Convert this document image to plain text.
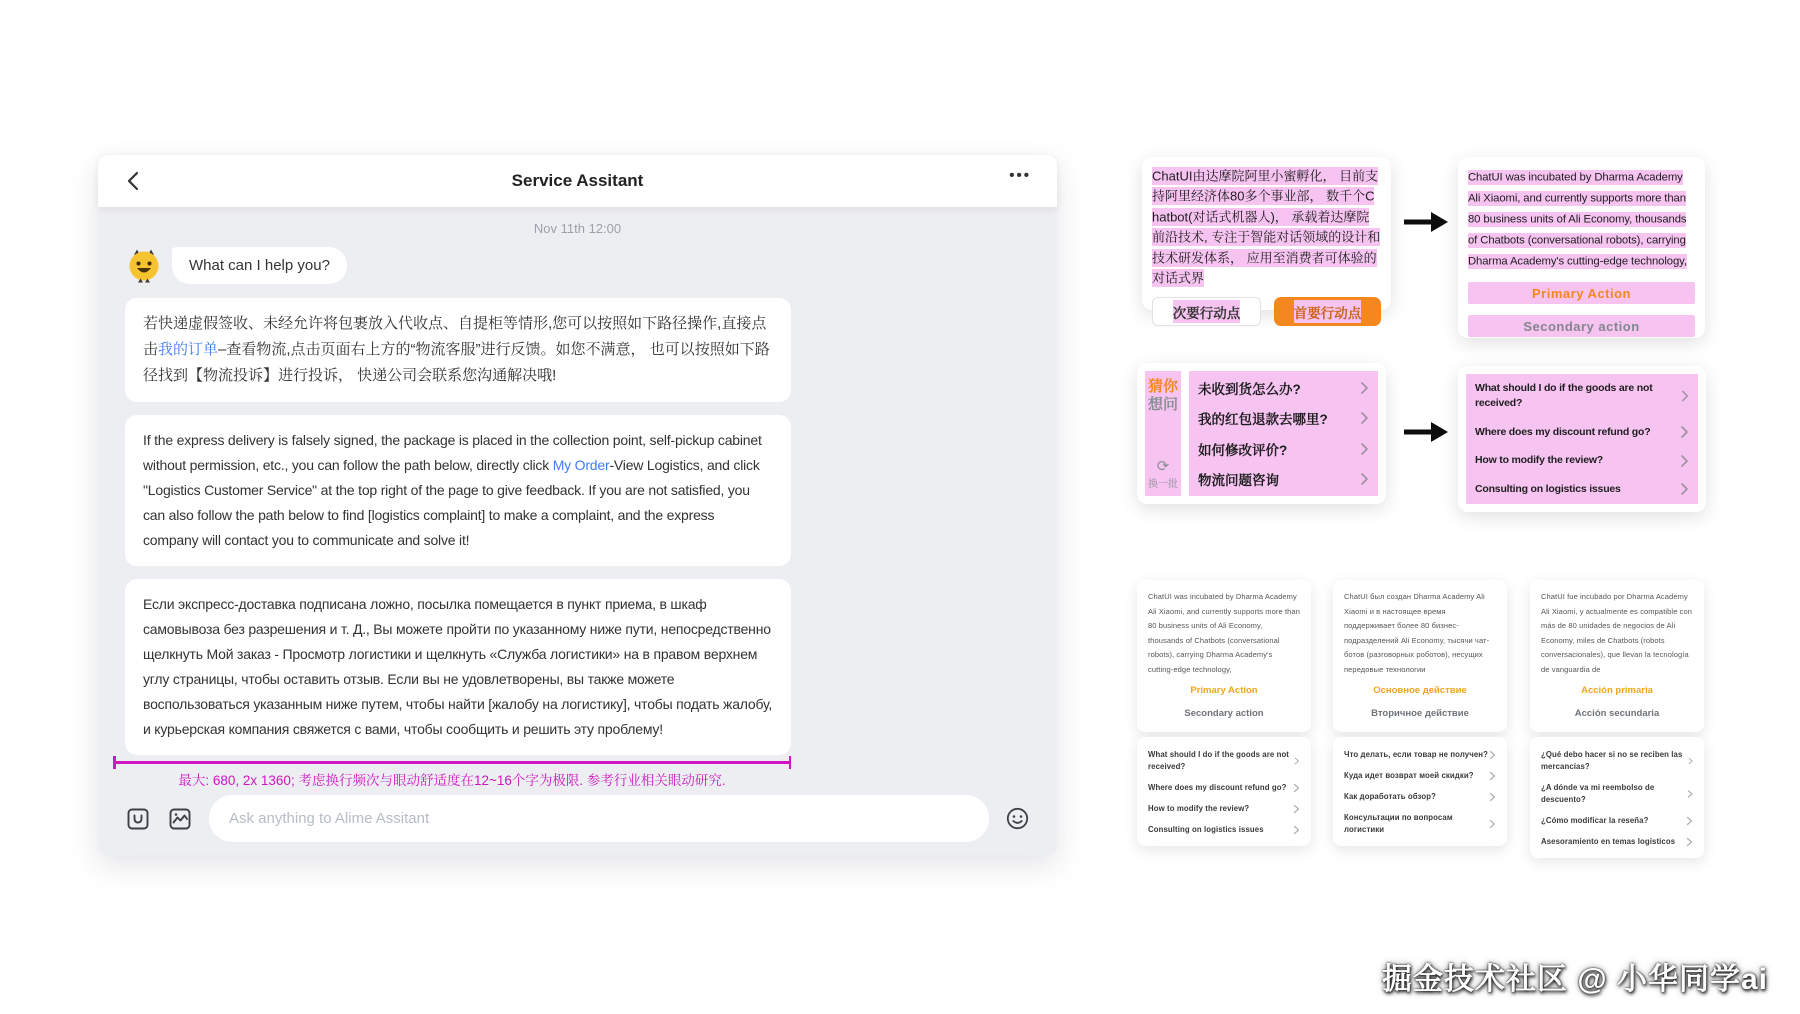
Service Assitant	•••
Nov 11th 12:00
What can I help you?
若快递虚假签收、未经允许将包裹放入代收点、自提柜等情形,您可以按照如下路径操作,直接点击我的订单–查看物流,点击页面右上方的“物流客服”进行反馈。如您不满意， 也可以按照如下路径找到【物流投诉】进行投诉， 快递公司会联系您沟通解决哦!
If the express delivery is falsely signed, the package is placed in the collection point, self-pickup cabinet without permission, etc., you can follow the path below, directly click My Order-View Logistics, and click "Logistics Customer Service" at the top right of the page to give feedback. If you are not satisfied, you can also follow the path below to find [logistics complaint] to make a complaint, and the express company will contact you to communicate and solve it!
Если экспресс-доставка подписана ложно, посылка помещается в пункт приема, в шкаф самовывоза без разрешения и т. Д., Вы можете пройти по указанному ниже пути, непосредственно щелкнуть Мой заказ - Просмотр логистики и щелкнуть «Служба логистики» на в правом верхнем углу страницы, чтобы оставить отзыв. Если вы не удовлетворены, вы также можете воспользоваться указанным ниже путем, чтобы найти [жалобу на логистику], чтобы подать жалобу, и курьерская компания свяжется с вами, чтобы сообщить и решить эту проблему!
最大: 680, 2x 1360; 考虑换行频次与眼动舒适度在12~16个字为极限. 参考行业相关眼动研究.
Ask anything to Alime Assitant

ChatUI由达摩院阿里小蜜孵化， 目前支持阿里经济体80多个事业部， 数千个Chatbot(对话式机器人)， 承载着达摩院前沿技术, 专注于智能对话领域的设计和技术研发体系， 应用至消费者可体验的对话式界

次要行动点	首要行动点

ChatUI was incubated by Dharma Academy Ali Xiaomi, and currently supports more than 80 business units of Ali Economy, thousands of Chatbots (conversational robots), carrying Dharma Academy's cutting-edge technology,

Primary Action
Secondary action
猜你
想问
⟳
换一批
未收到货怎么办?
我的红包退款去哪里?
如何修改评价?
物流问题咨询
What should I do if the goods are not received?
Where does my discount refund go?
How to modify the review?
Consulting on logistics issues

ChatUI was incubated by Dharma Academy Ali Xiaomi, and currently supports more than 80 business units of Ali Economy, thousands of Chatbots (conversational robots), carrying Dharma Academy's cutting-edge technology,

Primary Action
Secondary action

ChatUI был создан Dharma Academy Ali Xiaomi и в настоящее время поддерживает более 80 бизнес-подразделений Ali Economy, тысячи чат-ботов (разговорных роботов), несущих передовые технологии

Основное действие
Вторичное действие

ChatUI fue incubado por Dharma Academy Ali Xiaomi, y actualmente es compatible con más de 80 unidades de negocios de Ali Economy, miles de Chatbots (robots conversacionales), que llevan la tecnología de vanguardia de

Acción primaria
Acción secundaria
What should I do if the goods are not received?
Where does my discount refund go?
How to modify the review?
Consulting on logistics issues
Что делать, если товар не получен?
Куда идет возврат моей скидки?
Как доработать обзор?
Консультации по вопросам логистики
¿Qué debo hacer si no se reciben las mercancías?
¿A dónde va mi reembolso de descuento?
¿Cómo modificar la reseña?
Asesoramiento en temas logísticos
掘金技术社区 @ 小华同学ai
